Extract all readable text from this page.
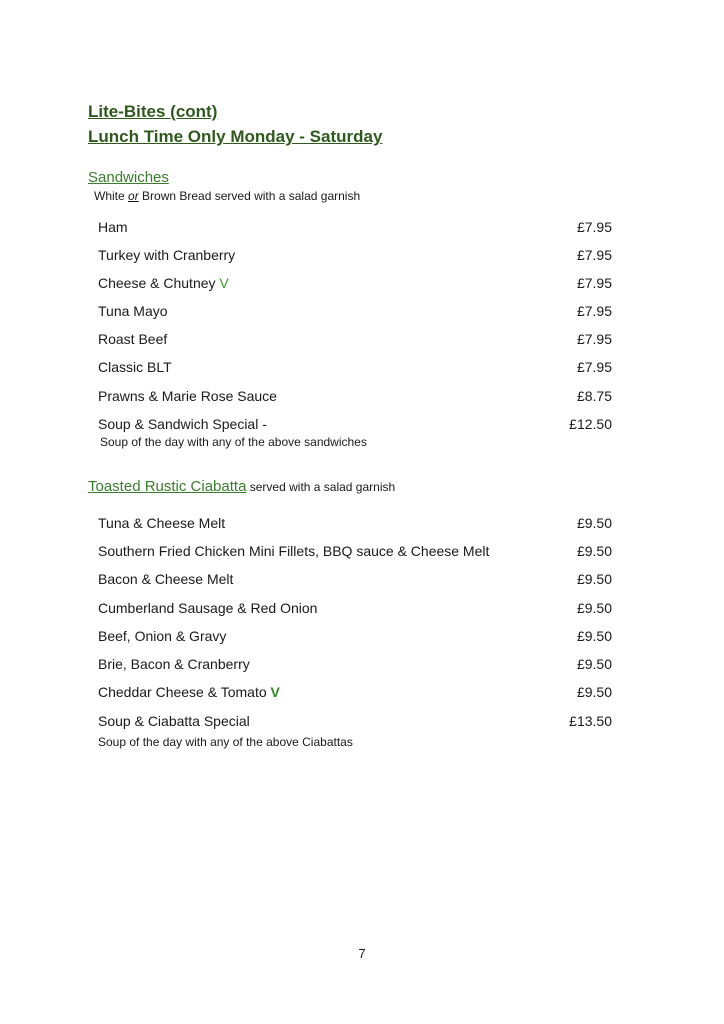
Lite-Bites (cont)
Lunch Time Only Monday - Saturday
Sandwiches
White or Brown Bread served with a salad garnish
Ham	£7.95
Turkey with Cranberry	£7.95
Cheese & Chutney V	£7.95
Tuna Mayo	£7.95
Roast Beef	£7.95
Classic BLT	£7.95
Prawns & Marie Rose Sauce	£8.75
Soup & Sandwich Special -	£12.50
Soup of the day with any of the above sandwiches
Toasted Rustic Ciabatta served with a salad garnish
Tuna & Cheese Melt	£9.50
Southern Fried Chicken Mini Fillets, BBQ sauce & Cheese Melt	£9.50
Bacon & Cheese Melt	£9.50
Cumberland Sausage & Red Onion	£9.50
Beef, Onion & Gravy	£9.50
Brie, Bacon & Cranberry	£9.50
Cheddar Cheese & Tomato V	£9.50
Soup & Ciabatta Special	£13.50
Soup of the day with any of the above Ciabattas
7
